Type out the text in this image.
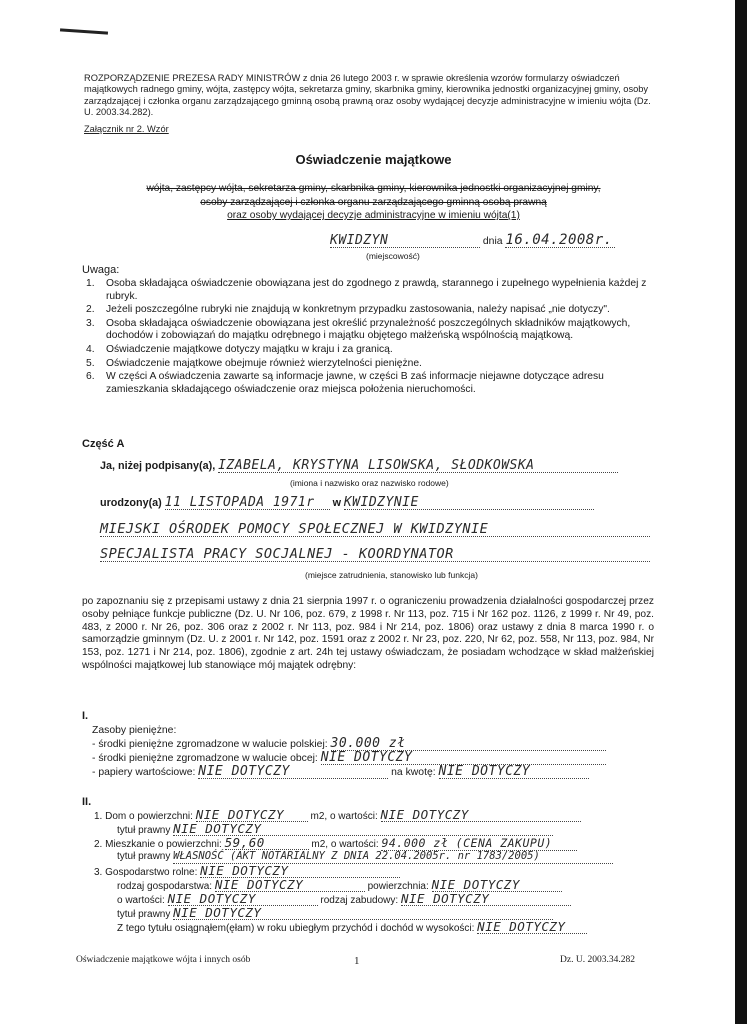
ROZPORZĄDZENIE PREZESA RADY MINISTRÓW z dnia 26 lutego 2003 r. w sprawie określenia wzorów formularzy oświadczeń majątkowych radnego gminy, wójta, zastępcy wójta, sekretarza gminy, skarbnika gminy, kierownika jednostki organizacyjnej gminy, osoby zarządzającej i członka organu zarządzającego gminną osobą prawną oraz osoby wydającej decyzje administracyjne w imieniu wójta (Dz. U. 2003.34.282).
Załącznik nr 2. Wzór
Oświadczenie majątkowe
wójta, zastępcy wójta, sekretarza gminy, skarbnika gminy, kierownika jednostki organizacyjnej gminy,
osoby zarządzającej i członka organu zarządzającego gminną osobą prawną
oraz osoby wydającej decyzje administracyjne w imieniu wójta(1)
KWIDZYN	dnia 16.04.2008r.
(miejscowość)
Uwaga:
1. Osoba składająca oświadczenie obowiązana jest do zgodnego z prawdą, starannego i zupełnego wypełnienia każdej z rubryk.
2. Jeżeli poszczególne rubryki nie znajdują w konkretnym przypadku zastosowania, należy napisać „nie dotyczy".
3. Osoba składająca oświadczenie obowiązana jest określić przynależność poszczególnych składników majątkowych, dochodów i zobowiązań do majątku odrębnego i majątku objętego małżeńską wspólnością majątkową.
4. Oświadczenie majątkowe dotyczy majątku w kraju i za granicą.
5. Oświadczenie majątkowe obejmuje również wierzytelności pieniężne.
6. W części A oświadczenia zawarte są informacje jawne, w części B zaś informacje niejawne dotyczące adresu zamieszkania składającego oświadczenie oraz miejsca położenia nieruchomości.
Część A
Ja, niżej podpisany(a), IZABELA, KRYSTYNA LISOWSKA, SŁODKOWSKA
(imiona i nazwisko oraz nazwisko rodowe)
urodzony(a) 11 LISTOPADA 1971r w KWIDZYNIE
MIEJSKI OŚRODEK POMOCY SPOŁECZNEJ W KWIDZYNIE
SPECJALISTA PRACY SOCJALNEJ - KOORDYNATOR
(miejsce zatrudnienia, stanowisko lub funkcja)
po zapoznaniu się z przepisami ustawy z dnia 21 sierpnia 1997 r. o ograniczeniu prowadzenia działalności gospodarczej przez osoby pełniące funkcje publiczne (Dz. U. Nr 106, poz. 679, z 1998 r. Nr 113, poz. 715 i Nr 162 poz. 1126, z 1999 r. Nr 49, poz. 483, z 2000 r. Nr 26, poz. 306 oraz z 2002 r. Nr 113, poz. 984 i Nr 214, poz. 1806) oraz ustawy z dnia 8 marca 1990 r. o samorządzie gminnym (Dz. U. z 2001 r. Nr 142, poz. 1591 oraz z 2002 r. Nr 23, poz. 220, Nr 62, poz. 558, Nr 113, poz. 984, Nr 153, poz. 1271 i Nr 214, poz. 1806), zgodnie z art. 24h tej ustawy oświadczam, że posiadam wchodzące w skład małżeńskiej wspólności majątkowej lub stanowiące mój majątek odrębny:
I.
Zasoby pieniężne:
- środki pieniężne zgromadzone w walucie polskiej: 30.000 zł
- środki pieniężne zgromadzone w walucie obcej: NIE DOTYCZY
- papiery wartościowe: NIE DOTYCZY	na kwotę: NIE DOTYCZY
II.
1. Dom o powierzchni: NIE DOTYCZY	m2, o wartości: NIE DOTYCZY
tytuł prawny NIE DOTYCZY
2. Mieszkanie o powierzchni: 59,60	m2, o wartości: 94.000 zł (CENA ZAKUPU)
tytuł prawny WŁASNOŚĆ (AKT NOTARIALNY Z DNIA 22.04.2005r. nr 1783/2005)
3. Gospodarstwo rolne: NIE DOTYCZY
rodzaj gospodarstwa: NIE DOTYCZY	powierzchnia: NIE DOTYCZY
o wartości: NIE DOTYCZY	rodzaj zabudowy: NIE DOTYCZY
tytuł prawny NIE DOTYCZY
Z tego tytułu osiągnąłem(ęłam) w roku ubiegłym przychód i dochód w wysokości: NIE DOTYCZY
Oświadczenie majątkowe wójta i innych osób	1	Dz. U. 2003.34.282
